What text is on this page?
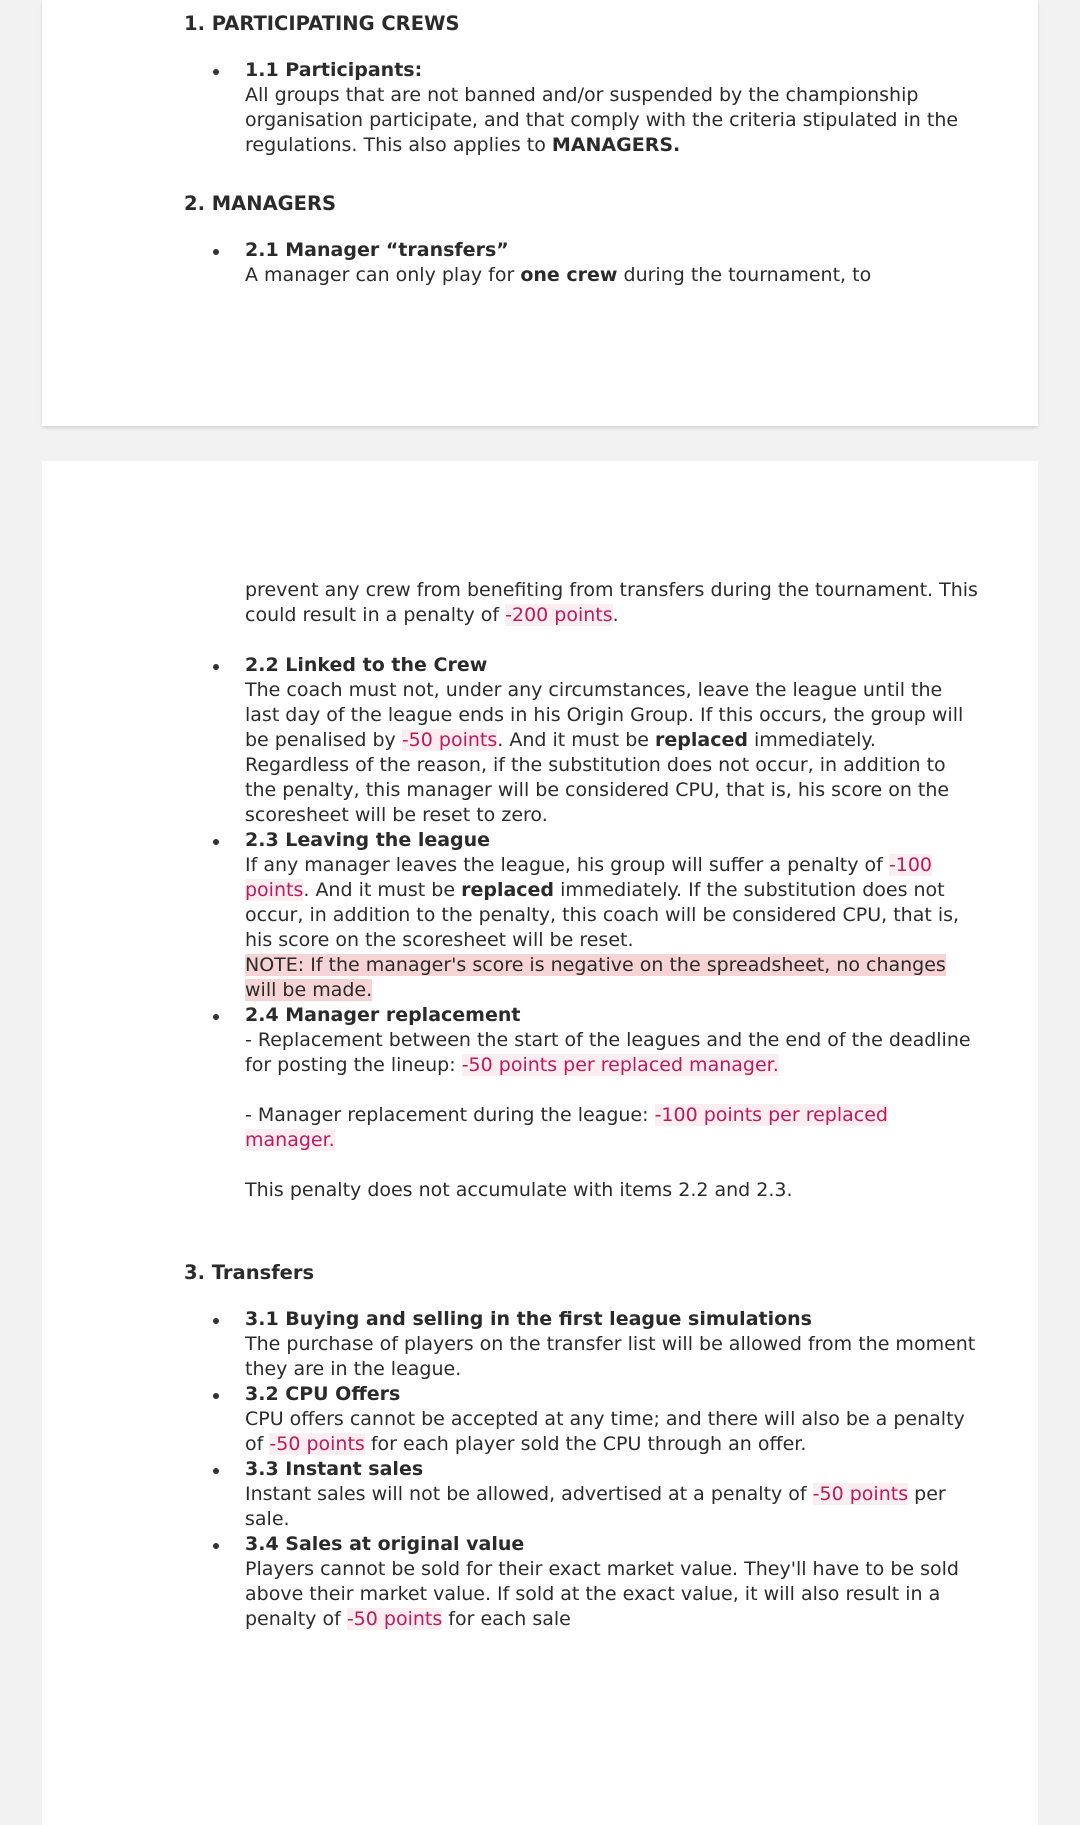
1. PARTICIPATING CREWS
1.1 Participants:
All groups that are not banned and/or suspended by the championship organisation participate, and that comply with the criteria stipulated in the regulations. This also applies to MANAGERS.
2. MANAGERS
2.1 Manager “transfers”
A manager can only play for one crew during the tournament, to
prevent any crew from benefiting from transfers during the tournament. This could result in a penalty of -200 points.
2.2 Linked to the Crew
The coach must not, under any circumstances, leave the league until the last day of the league ends in his Origin Group. If this occurs, the group will be penalised by -50 points. And it must be replaced immediately. Regardless of the reason, if the substitution does not occur, in addition to the penalty, this manager will be considered CPU, that is, his score on the scoresheet will be reset to zero.
2.3 Leaving the league
If any manager leaves the league, his group will suffer a penalty of -100 points. And it must be replaced immediately. If the substitution does not occur, in addition to the penalty, this coach will be considered CPU, that is, his score on the scoresheet will be reset.
NOTE: If the manager's score is negative on the spreadsheet, no changes will be made.
2.4 Manager replacement
- Replacement between the start of the leagues and the end of the deadline for posting the lineup: -50 points per replaced manager.
- Manager replacement during the league: -100 points per replaced manager.
This penalty does not accumulate with items 2.2 and 2.3.
3. Transfers
3.1 Buying and selling in the first league simulations
The purchase of players on the transfer list will be allowed from the moment they are in the league.
3.2 CPU Offers
CPU offers cannot be accepted at any time; and there will also be a penalty of -50 points for each player sold the CPU through an offer.
3.3 Instant sales
Instant sales will not be allowed, advertised at a penalty of -50 points per sale.
3.4 Sales at original value
Players cannot be sold for their exact market value. They'll have to be sold above their market value. If sold at the exact value, it will also result in a penalty of -50 points for each sale
